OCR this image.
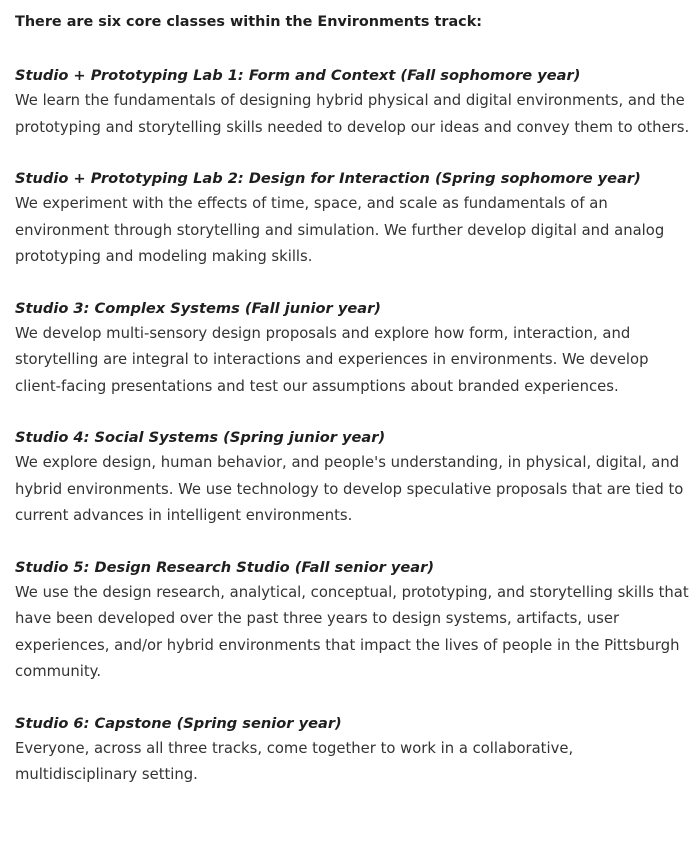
There are six core classes within the Environments track:

Studio + Prototyping Lab 1: Form and Context (Fall sophomore year)

We learn the fundamentals of designing hybrid physical and digital environments, and the prototyping and storytelling skills needed to develop our ideas and convey them to others.

Studio + Prototyping Lab 2: Design for Interaction (Spring sophomore year)

We experiment with the effects of time, space, and scale as fundamentals of an environment through storytelling and simulation. We further develop digital and analog prototyping and modeling making skills.

Studio 3: Complex Systems (Fall junior year)

We develop multi-sensory design proposals and explore how form, interaction, and storytelling are integral to interactions and experiences in environments. We develop client-facing presentations and test our assumptions about branded experiences.

Studio 4: Social Systems (Spring junior year)

We explore design, human behavior, and people's understanding, in physical, digital, and hybrid environments. We use technology to develop speculative proposals that are tied to current advances in intelligent environments.

Studio 5: Design Research Studio (Fall senior year)

We use the design research, analytical, conceptual, prototyping, and storytelling skills that have been developed over the past three years to design systems, artifacts, user experiences, and/or hybrid environments that impact the lives of people in the Pittsburgh community.

Studio 6: Capstone (Spring senior year)

Everyone, across all three tracks, come together to work in a collaborative, multidisciplinary setting.
